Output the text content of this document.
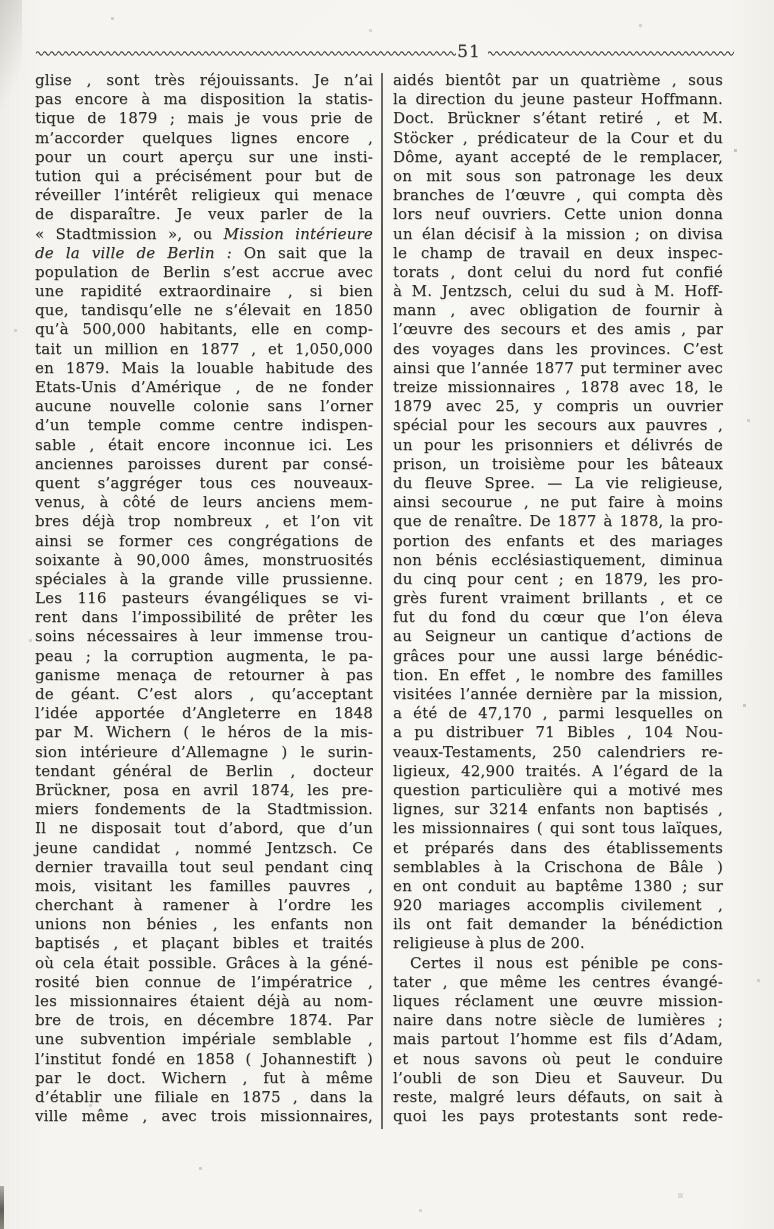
51
glise , sont très réjouissants. Je n’ai
pas encore à ma disposition la statis-
tique de 1879 ; mais je vous prie de
m’accorder quelques lignes encore ,
pour un court aperçu sur une insti-
tution qui a précisément pour but de
réveiller l’intérêt religieux qui menace
de disparaître. Je veux parler de la
« Stadtmission », ou Mission intérieure
de la ville de Berlin : On sait que la
population de Berlin s’est accrue avec
une rapidité extraordinaire , si bien
que, tandisqu’elle ne s’élevait en 1850
qu’à 500,000 habitants, elle en comp-
tait un million en 1877 , et 1,050,000
en 1879. Mais la louable habitude des
Etats-Unis d’Amérique , de ne fonder
aucune nouvelle colonie sans l’orner
d’un temple comme centre indispen-
sable , était encore inconnue ici. Les
anciennes paroisses durent par consé-
quent s’aggréger tous ces nouveaux-
venus, à côté de leurs anciens mem-
bres déjà trop nombreux , et l’on vit
ainsi se former ces congrégations de
soixante à 90,000 âmes, monstruosités
spéciales à la grande ville prussienne.
Les 116 pasteurs évangéliques se vi-
rent dans l’impossibilité de prêter les
soins nécessaires à leur immense trou-
peau ; la corruption augmenta, le pa-
ganisme menaça de retourner à pas
de géant. C’est alors , qu’acceptant
l’idée apportée d’Angleterre en 1848
par M. Wichern ( le héros de la mis-
sion intérieure d’Allemagne ) le surin-
tendant général de Berlin , docteur
Brückner, posa en avril 1874, les pre-
miers fondements de la Stadtmission.
Il ne disposait tout d’abord, que d’un
jeune candidat , nommé Jentzsch. Ce
dernier travailla tout seul pendant cinq
mois, visitant les familles pauvres ,
cherchant à ramener à l’ordre les
unions non bénies , les enfants non
baptisés , et plaçant bibles et traités
où cela était possible. Grâces à la géné-
rosité bien connue de l’impératrice ,
les missionnaires étaient déjà au nom-
bre de trois, en décembre 1874. Par
une subvention impériale semblable ,
l’institut fondé en 1858 ( Johannestift )
par le doct. Wichern , fut à même
d’établir une filiale en 1875 , dans la
ville même , avec trois missionnaires,
aidés bientôt par un quatrième , sous
la direction du jeune pasteur Hoffmann.
Doct. Brückner s’étant retiré , et M.
Stöcker , prédicateur de la Cour et du
Dôme, ayant accepté de le remplacer,
on mit sous son patronage les deux
branches de l’œuvre , qui compta dès
lors neuf ouvriers. Cette union donna
un élan décisif à la mission ; on divisa
le champ de travail en deux inspec-
torats , dont celui du nord fut confié
à M. Jentzsch, celui du sud à M. Hoff-
mann , avec obligation de fournir à
l’œuvre des secours et des amis , par
des voyages dans les provinces. C’est
ainsi que l’année 1877 put terminer avec
treize missionnaires , 1878 avec 18, le
1879 avec 25, y compris un ouvrier
spécial pour les secours aux pauvres ,
un pour les prisonniers et délivrés de
prison, un troisième pour les bâteaux
du fleuve Spree. — La vie religieuse,
ainsi secourue , ne put faire à moins
que de renaître. De 1877 à 1878, la pro-
portion des enfants et des mariages
non bénis ecclésiastiquement, diminua
du cinq pour cent ; en 1879, les pro-
grès furent vraiment brillants , et ce
fut du fond du cœur que l’on éleva
au Seigneur un cantique d’actions de
grâces pour une aussi large bénédic-
tion. En effet , le nombre des familles
visitées l’année dernière par la mission,
a été de 47,170 , parmi lesquelles on
a pu distribuer 71 Bibles , 104 Nou-
veaux-Testaments, 250 calendriers re-
ligieux, 42,900 traités. A l’égard de la
question particulière qui a motivé mes
lignes, sur 3214 enfants non baptisés ,
les missionnaires ( qui sont tous laïques,
et préparés dans des établissements
semblables à la Crischona de Bâle )
en ont conduit au baptême 1380 ; sur
920 mariages accomplis civilement ,
ils ont fait demander la bénédiction
religieuse à plus de 200.
Certes il nous est pénible pe cons-
tater , que même les centres évangé-
liques réclament une œuvre mission-
naire dans notre siècle de lumières ;
mais partout l’homme est fils d’Adam,
et nous savons où peut le conduire
l’oubli de son Dieu et Sauveur. Du
reste, malgré leurs défauts, on sait à
quoi les pays protestants sont rede-
